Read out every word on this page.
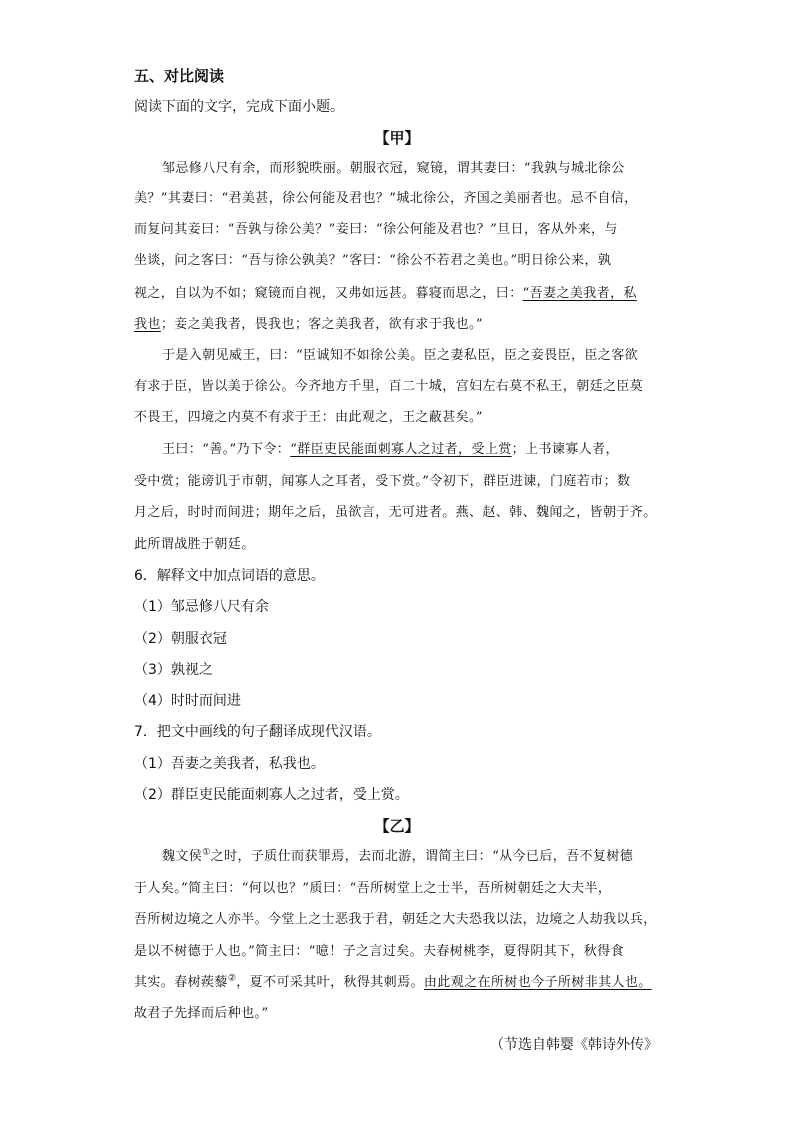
五、对比阅读
阅读下面的文字，完成下面小题。
【甲】
邹忌修八尺有余，而形貌昳丽。朝服衣冠，窥镜，谓其妻曰：“我孰与城北徐公
美？”其妻曰：“君美甚，徐公何能及君也？”城北徐公，齐国之美丽者也。忌不自信，
而复问其妾曰：“吾孰与徐公美？”妾曰：“徐公何能及君也？”旦日，客从外来，与
坐谈，问之客曰：“吾与徐公孰美？”客曰：“徐公不若君之美也。”明日徐公来，孰
视之，自以为不如；窥镜而自视，又弗如远甚。暮寝而思之，曰：“吾妻之美我者，私
我也；妾之美我者，畏我也；客之美我者，欲有求于我也。”
于是入朝见威王，曰：“臣诚知不如徐公美。臣之妻私臣，臣之妾畏臣，臣之客欲
有求于臣，皆以美于徐公。今齐地方千里，百二十城，宫妇左右莫不私王，朝廷之臣莫
不畏王，四境之内莫不有求于王：由此观之，王之蔽甚矣。”
王曰：“善。”乃下令：“群臣吏民能面刺寡人之过者，受上赏；上书谏寡人者，
受中赏；能谤讥于市朝，闻寡人之耳者，受下赏。”令初下，群臣进谏，门庭若市；数
月之后，时时而间进；期年之后，虽欲言，无可进者。燕、赵、韩、魏闻之，皆朝于齐。
此所谓战胜于朝廷。
6．解释文中加点词语的意思。
（1）邹忌修八尺有余
（2）朝服衣冠
（3）孰视之
（4）时时而间进
7．把文中画线的句子翻译成现代汉语。
（1）吾妻之美我者，私我也。
（2）群臣吏民能面刺寡人之过者，受上赏。
【乙】
魏文侯①之时，子质仕而获罪焉，去而北游，谓简主曰：“从今已后，吾不复树德
于人矣。”简主曰：“何以也？”质曰：“吾所树堂上之士半，吾所树朝廷之大夫半，
吾所树边境之人亦半。今堂上之士恶我于君，朝廷之大夫恐我以法，边境之人劫我以兵，
是以不树德于人也。”简主曰：“噫！子之言过矣。夫春树桃李，夏得阴其下，秋得食
其实。春树蒺藜②，夏不可采其叶，秋得其刺焉。由此观之在所树也今子所树非其人也。
故君子先择而后种也。”
（节选自韩婴《韩诗外传》
